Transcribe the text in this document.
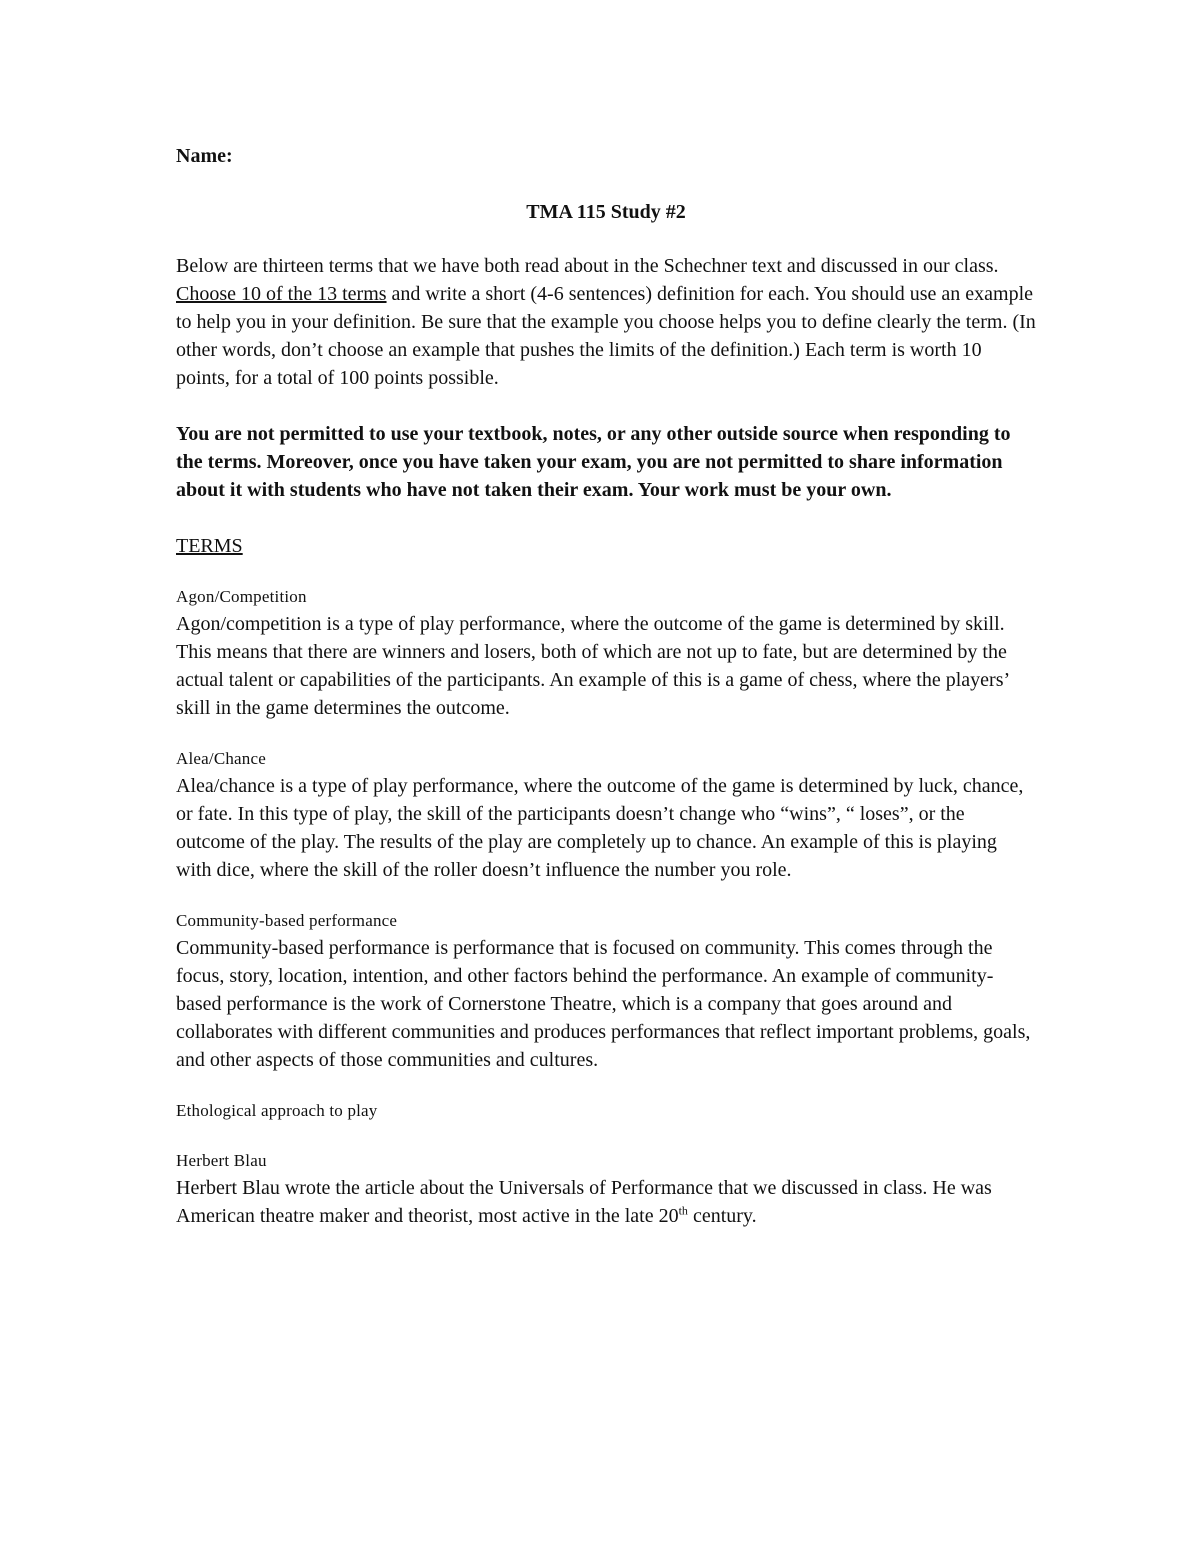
Name:

TMA 115 Study #2

Below are thirteen terms that we have both read about in the Schechner text and discussed in our class. Choose 10 of the 13 terms and write a short (4-6 sentences) definition for each. You should use an example to help you in your definition. Be sure that the example you choose helps you to define clearly the term. (In other words, don’t choose an example that pushes the limits of the definition.) Each term is worth 10 points, for a total of 100 points possible.

You are not permitted to use your textbook, notes, or any other outside source when responding to the terms. Moreover, once you have taken your exam, you are not permitted to share information about it with students who have not taken their exam. Your work must be your own.

TERMS

Agon/Competition

Agon/competition is a type of play performance, where the outcome of the game is determined by skill. This means that there are winners and losers, both of which are not up to fate, but are determined by the actual talent or capabilities of the participants. An example of this is a game of chess, where the players’ skill in the game determines the outcome.

Alea/Chance

Alea/chance is a type of play performance, where the outcome of the game is determined by luck, chance, or fate. In this type of play, the skill of the participants doesn’t change who “wins”, “ loses”, or the outcome of the play. The results of the play are completely up to chance. An example of this is playing with dice, where the skill of the roller doesn’t influence the number you role.

Community-based performance

Community-based performance is performance that is focused on community. This comes through the focus, story, location, intention, and other factors behind the performance. An example of community-based performance is the work of Cornerstone Theatre, which is a company that goes around and collaborates with different communities and produces performances that reflect important problems, goals, and other aspects of those communities and cultures.

Ethological approach to play

Herbert Blau

Herbert Blau wrote the article about the Universals of Performance that we discussed in class. He was American theatre maker and theorist, most active in the late 20th century.
